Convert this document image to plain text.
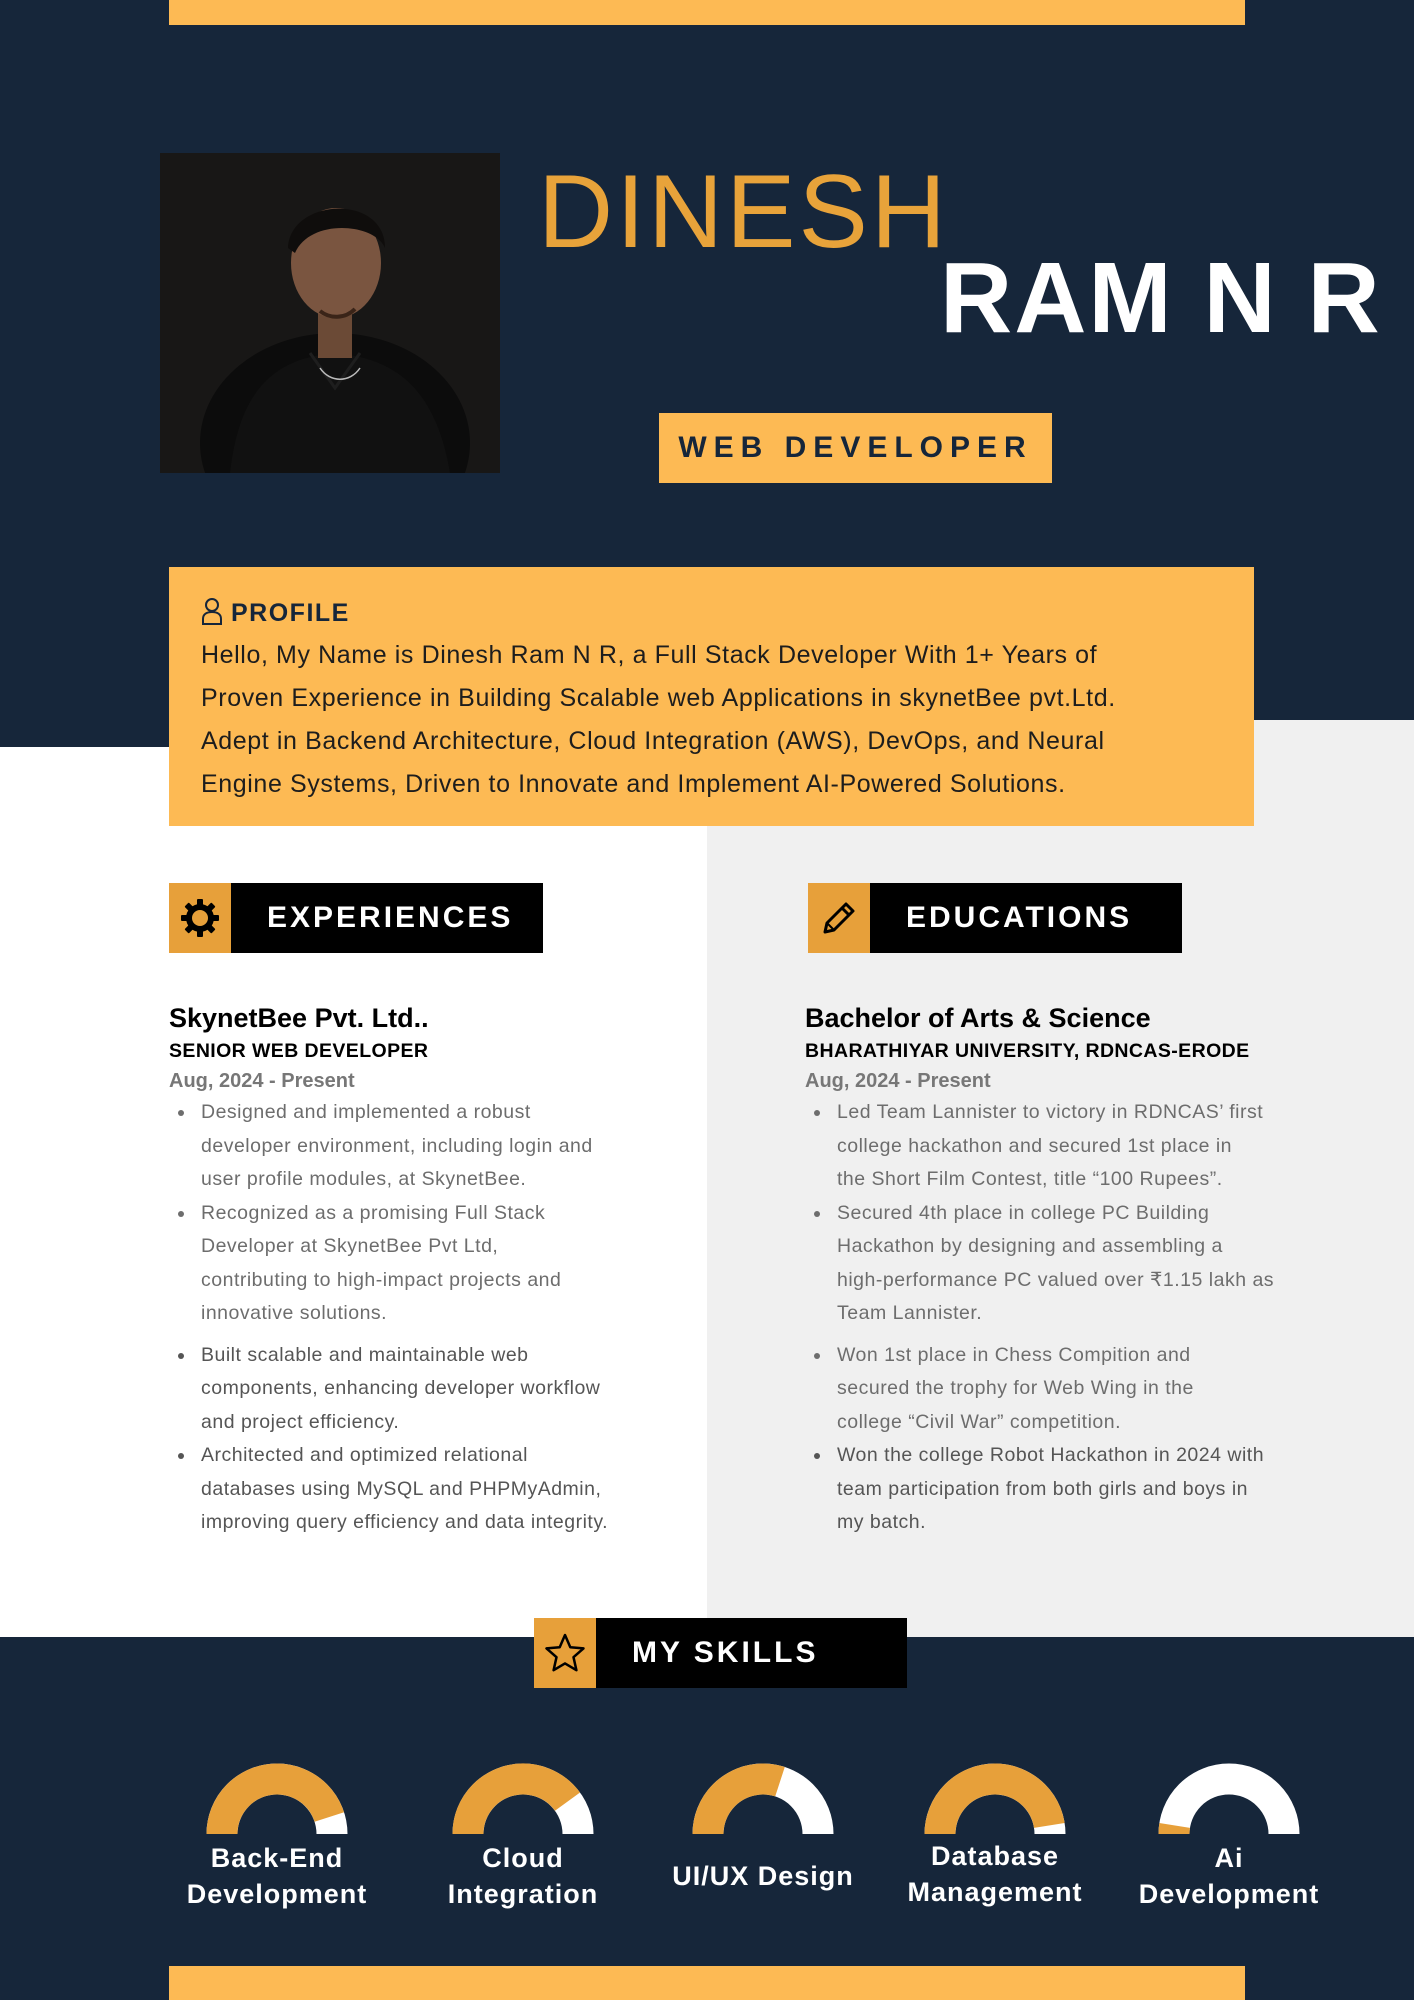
DINESH
RAM N R
WEB DEVELOPER
PROFILE
Hello, My Name is Dinesh Ram N R, a Full Stack Developer With 1+ Years of
Proven Experience in Building Scalable web Applications in skynetBee pvt.Ltd.
Adept in Backend Architecture, Cloud Integration (AWS), DevOps, and Neural
Engine Systems, Driven to Innovate and Implement AI-Powered Solutions.
EXPERIENCES	EDUCATIONS
SkynetBee Pvt. Ltd..
SENIOR WEB DEVELOPER
Aug, 2024 - Present
Designed and implemented a robust
developer environment, including login and
user profile modules, at SkynetBee.
Recognized as a promising Full Stack
Developer at SkynetBee Pvt Ltd,
contributing to high-impact projects and
innovative solutions.
Built scalable and maintainable web
components, enhancing developer workflow
and project efficiency.
Architected and optimized relational
databases using MySQL and PHPMyAdmin,
improving query efficiency and data integrity.
Bachelor of Arts & Science
BHARATHIYAR UNIVERSITY, RDNCAS-ERODE
Aug, 2024 - Present
Led Team Lannister to victory in RDNCAS’ first
college hackathon and secured 1st place in
the Short Film Contest, title “100 Rupees”.
Secured 4th place in college PC Building
Hackathon by designing and assembling a
high-performance PC valued over ₹1.15 lakh as
Team Lannister.
Won 1st place in Chess Compition and
secured the trophy for Web Wing in the
college “Civil War” competition.
Won the college Robot Hackathon in 2024 with
team participation from both girls and boys in
my batch.
MY SKILLS
Back-End
Development
Cloud
Integration
UI/UX Design
Database
Management
Ai
Development
